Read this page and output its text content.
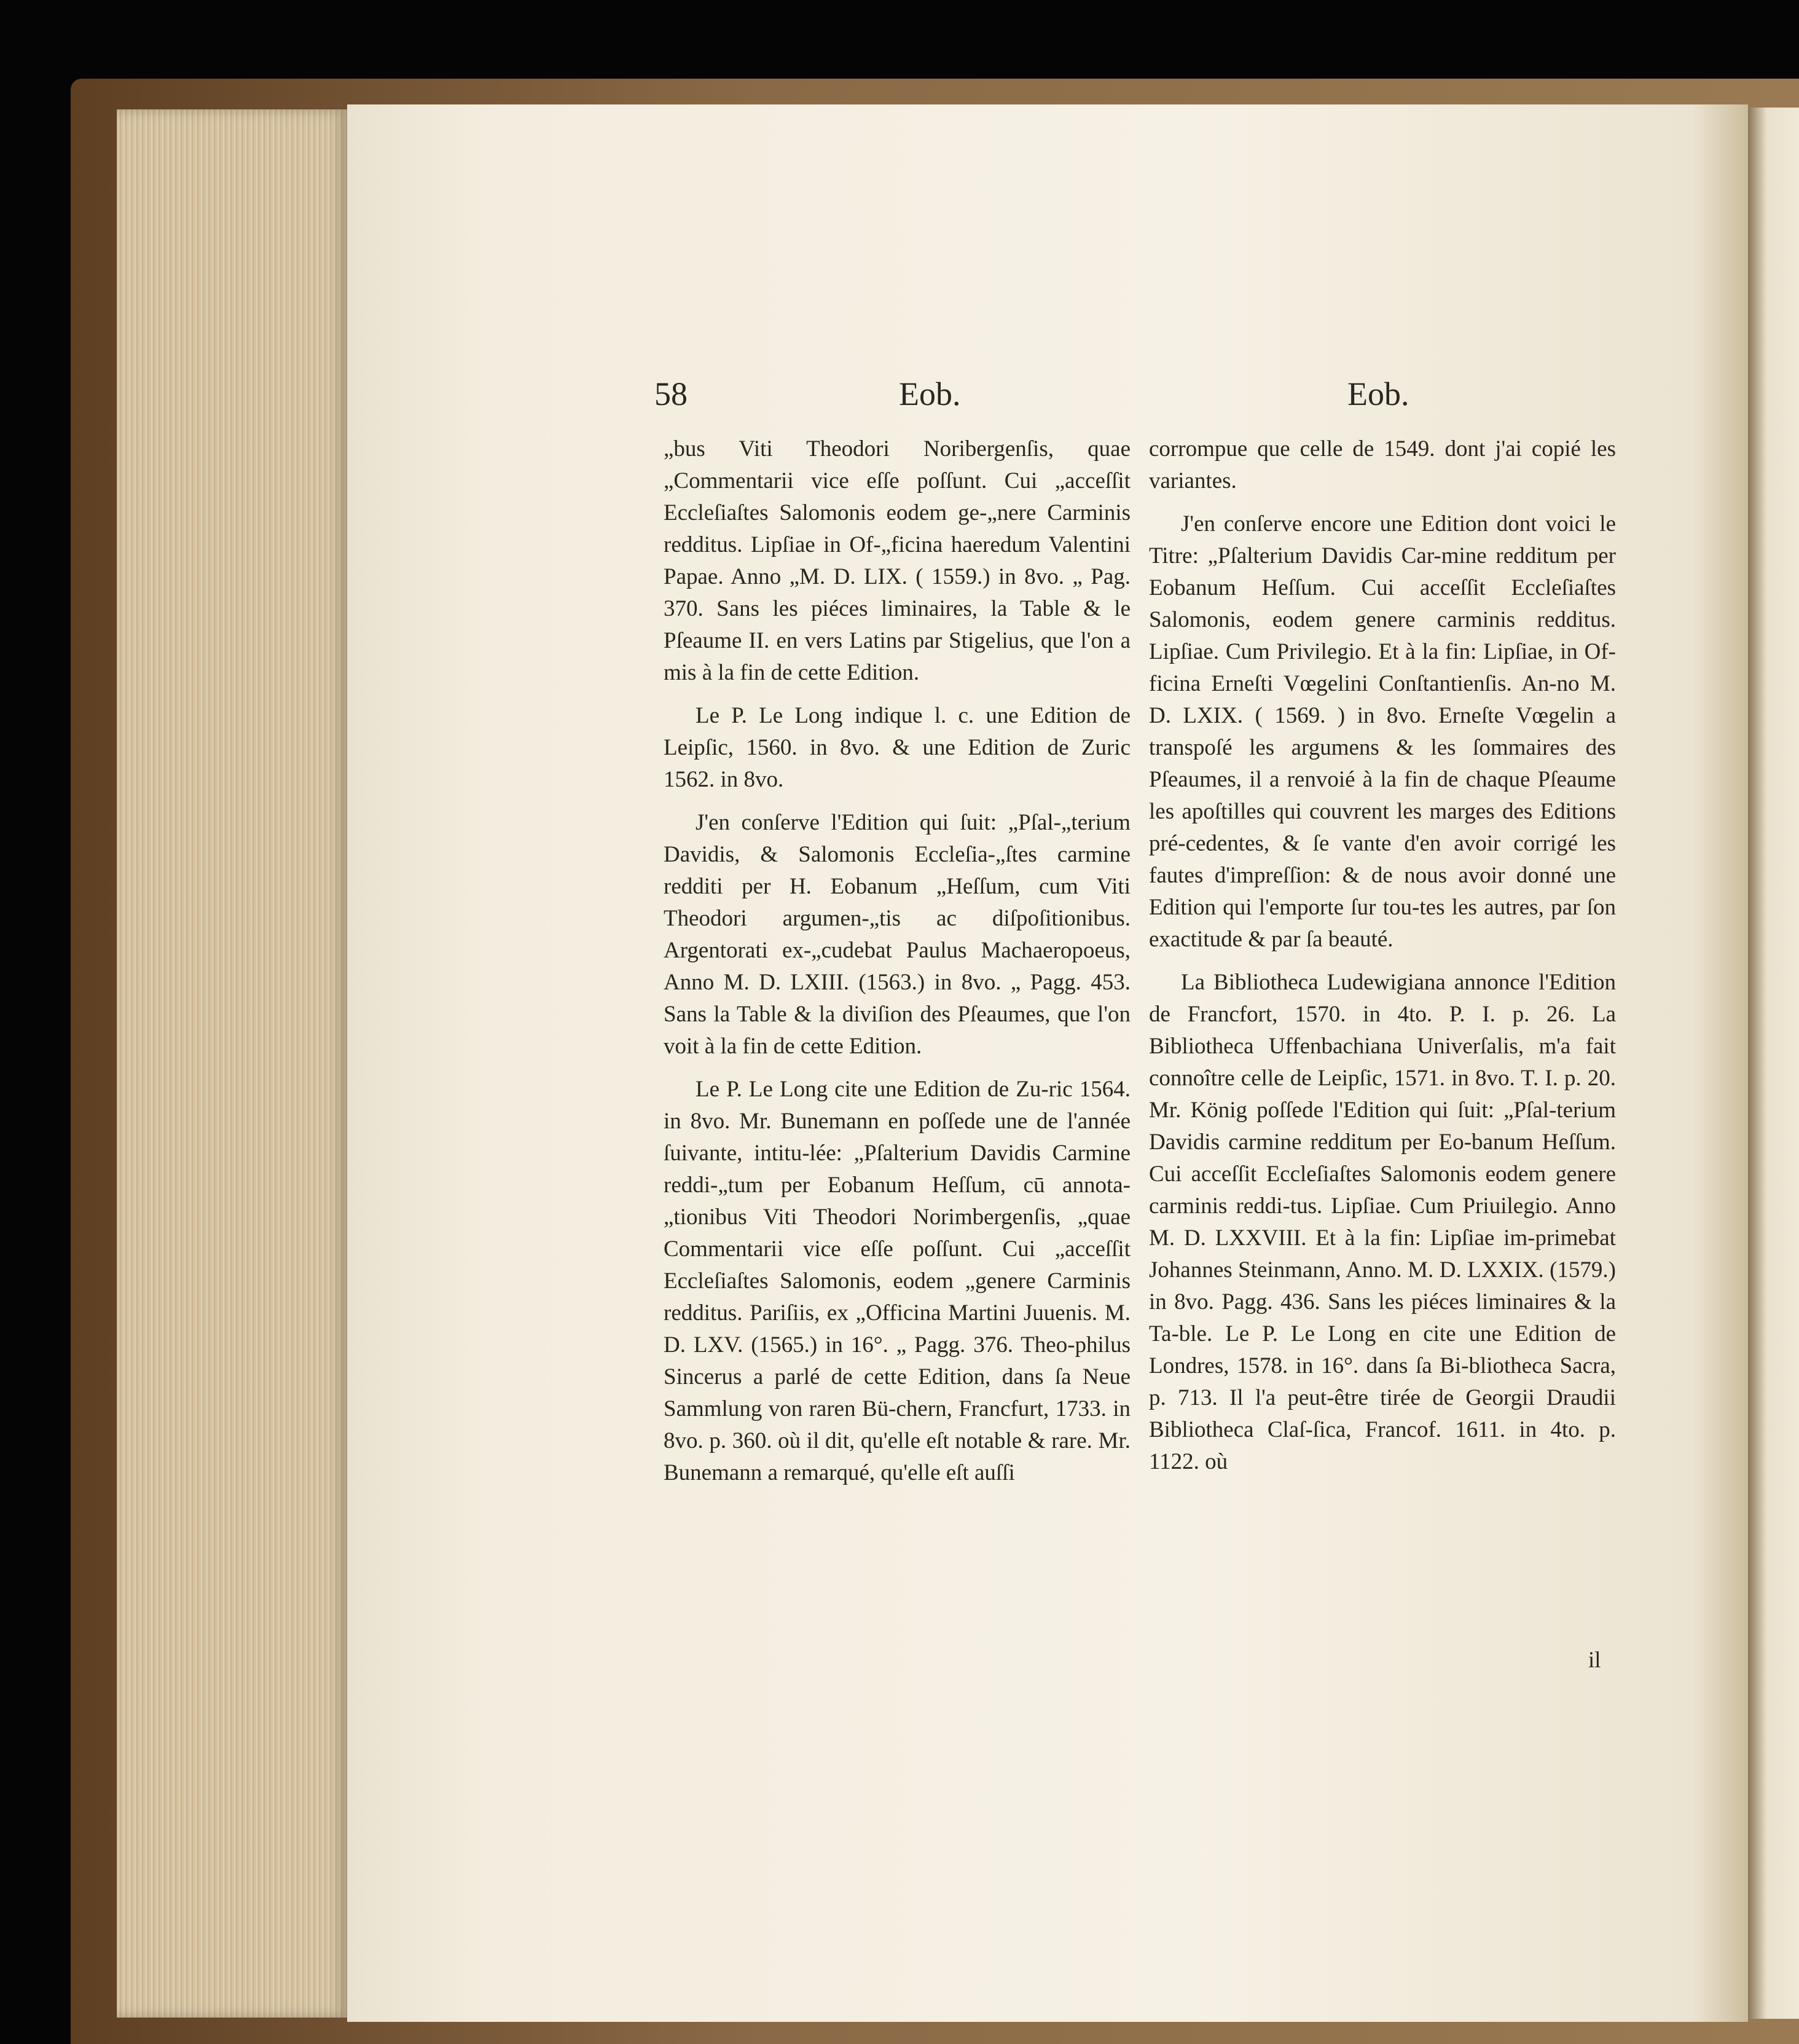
58	Eob.	Eob.

„bus Viti Theodori Noribergenſis, quae „Commentarii vice eſſe poſſunt. Cui „acceſſit Eccleſiaſtes Salomonis eodem ge-„nere Carminis redditus. Lipſiae in Of-„ficina haeredum Valentini Papae. Anno „M. D. LIX. ( 1559.) in 8vo. „ Pag. 370. Sans les piéces liminaires, la Table & le Pſeaume II. en vers Latins par Stigelius, que l'on a mis à la fin de cette Edition.

Le P. Le Long indique l. c. une Edition de Leipſic, 1560. in 8vo. & une Edition de Zuric 1562. in 8vo.

J'en conſerve l'Edition qui ſuit: „Pſal-„terium Davidis, & Salomonis Eccleſia-„ſtes carmine redditi per H. Eobanum „Heſſum, cum Viti Theodori argumen-„tis ac diſpoſitionibus. Argentorati ex-„cudebat Paulus Machaeropoeus, Anno M. D. LXIII. (1563.) in 8vo. „ Pagg. 453. Sans la Table & la diviſion des Pſeaumes, que l'on voit à la fin de cette Edition.

Le P. Le Long cite une Edition de Zu-ric 1564. in 8vo. Mr. Bunemann en poſſede une de l'année ſuivante, intitu-lée: „Pſalterium Davidis Carmine reddi-„tum per Eobanum Heſſum, cū annota-„tionibus Viti Theodori Norimbergenſis, „quae Commentarii vice eſſe poſſunt. Cui „acceſſit Eccleſiaſtes Salomonis, eodem „genere Carminis redditus. Pariſiis, ex „Officina Martini Juuenis. M. D. LXV. (1565.) in 16°. „ Pagg. 376. Theo-philus Sincerus a parlé de cette Edition, dans ſa Neue Sammlung von raren Bü-chern, Francfurt, 1733. in 8vo. p. 360. où il dit, qu'elle eſt notable & rare. Mr. Bunemann a remarqué, qu'elle eſt auſſi

corrompue que celle de 1549. dont j'ai copié les variantes.

J'en conſerve encore une Edition dont voici le Titre: „Pſalterium Davidis Car-mine redditum per Eobanum Heſſum. Cui acceſſit Eccleſiaſtes Salomonis, eodem genere carminis redditus. Lipſiae. Cum Privilegio. Et à la fin: Lipſiae, in Of-ficina Erneſti Vœgelini Conſtantienſis. An-no M. D. LXIX. ( 1569. ) in 8vo. Erneſte Vœgelin a transpoſé les argumens & les ſommaires des Pſeaumes, il a renvoié à la fin de chaque Pſeaume les apoſtilles qui couvrent les marges des Editions pré-cedentes, & ſe vante d'en avoir corrigé les fautes d'impreſſion: & de nous avoir donné une Edition qui l'emporte ſur tou-tes les autres, par ſon exactitude & par ſa beauté.

La Bibliotheca Ludewigiana annonce l'Edition de Francfort, 1570. in 4to. P. I. p. 26. La Bibliotheca Uffenbachiana Univerſalis, m'a fait connoître celle de Leipſic, 1571. in 8vo. T. I. p. 20. Mr. König poſſede l'Edition qui ſuit: „Pſal-terium Davidis carmine redditum per Eo-banum Heſſum. Cui acceſſit Eccleſiaſtes Salomonis eodem genere carminis reddi-tus. Lipſiae. Cum Priuilegio. Anno M. D. LXXVIII. Et à la fin: Lipſiae im-primebat Johannes Steinmann, Anno. M. D. LXXIX. (1579.) in 8vo. Pagg. 436. Sans les piéces liminaires & la Ta-ble. Le P. Le Long en cite une Edition de Londres, 1578. in 16°. dans ſa Bi-bliotheca Sacra, p. 713. Il l'a peut-être tirée de Georgii Draudii Bibliotheca Claſ-ſica, Francof. 1611. in 4to. p. 1122. où

il
